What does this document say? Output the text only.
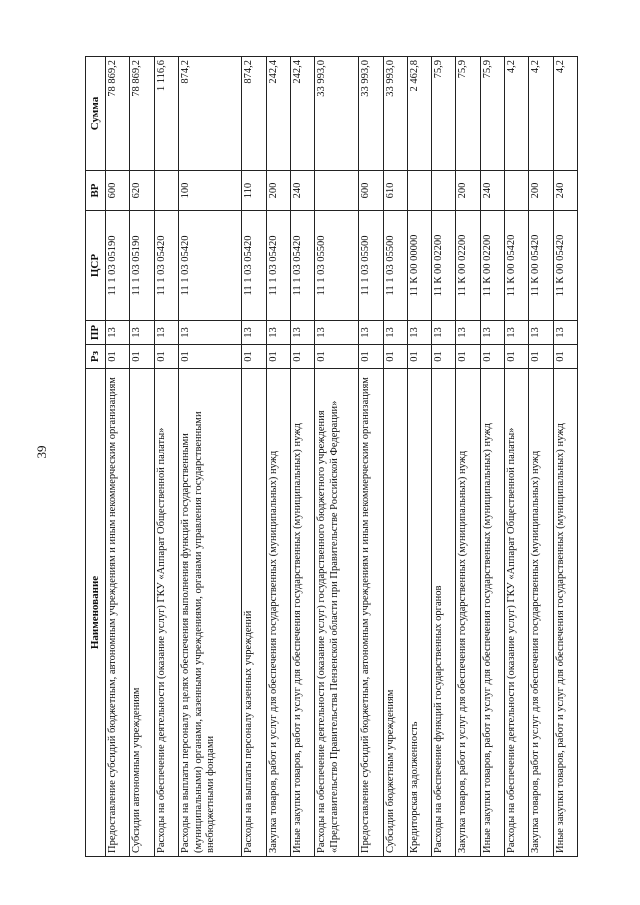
39
Наименование	Рз	ПР	ЦСР	ВР	Сумма
Предоставление субсидий бюджетным, автономным учреждениям и иным некоммерческим организациям	01	13	11 1 03 05190	600	78 869,2
Субсидии автономным учреждениям	01	13	11 1 03 05190	620	78 869,2
Расходы на обеспечение деятельности (оказание услуг) ГКУ «Аппарат Общественной палаты»	01	13	11 1 03 05420		1 116,6
Расходы на выплаты персоналу в целях обеспечения выполнения функций государственными (муниципальными) органами, казенными учреждениями, органами управления государственными внебюджетными фондами	01	13	11 1 03 05420	100	874,2
Расходы на выплаты персоналу казенных учреждений	01	13	11 1 03 05420	110	874,2
Закупка товаров, работ и услуг для обеспечения государственных (муниципальных) нужд	01	13	11 1 03 05420	200	242,4
Иные закупки товаров, работ и услуг для обеспечения государственных (муниципальных) нужд	01	13	11 1 03 05420	240	242,4
Расходы на обеспечение деятельности (оказание услуг) государственного бюджетного учреждения «Представительство Правительства Пензенской области при Правительстве Российской Федерации»	01	13	11 1 03 05500		33 993,0
Предоставление субсидий бюджетным, автономным учреждениям и иным некоммерческим организациям	01	13	11 1 03 05500	600	33 993,0
Субсидии бюджетным учреждениям	01	13	11 1 03 05500	610	33 993,0
Кредиторская задолженность	01	13	11 К 00 00000		2 462,8
Расходы на обеспечение функций государственных органов	01	13	11 К 00 02200		75,9
Закупка товаров, работ и услуг для обеспечения государственных (муниципальных) нужд	01	13	11 К 00 02200	200	75,9
Иные закупки товаров, работ и услуг для обеспечения государственных (муниципальных) нужд	01	13	11 К 00 02200	240	75,9
Расходы на обеспечение деятельности (оказание услуг) ГКУ «Аппарат Общественной палаты»	01	13	11 К 00 05420		4,2
Закупка товаров, работ и услуг для обеспечения государственных (муниципальных) нужд	01	13	11 К 00 05420	200	4,2
Иные закупки товаров, работ и услуг для обеспечения государственных (муниципальных) нужд	01	13	11 К 00 05420	240	4,2
